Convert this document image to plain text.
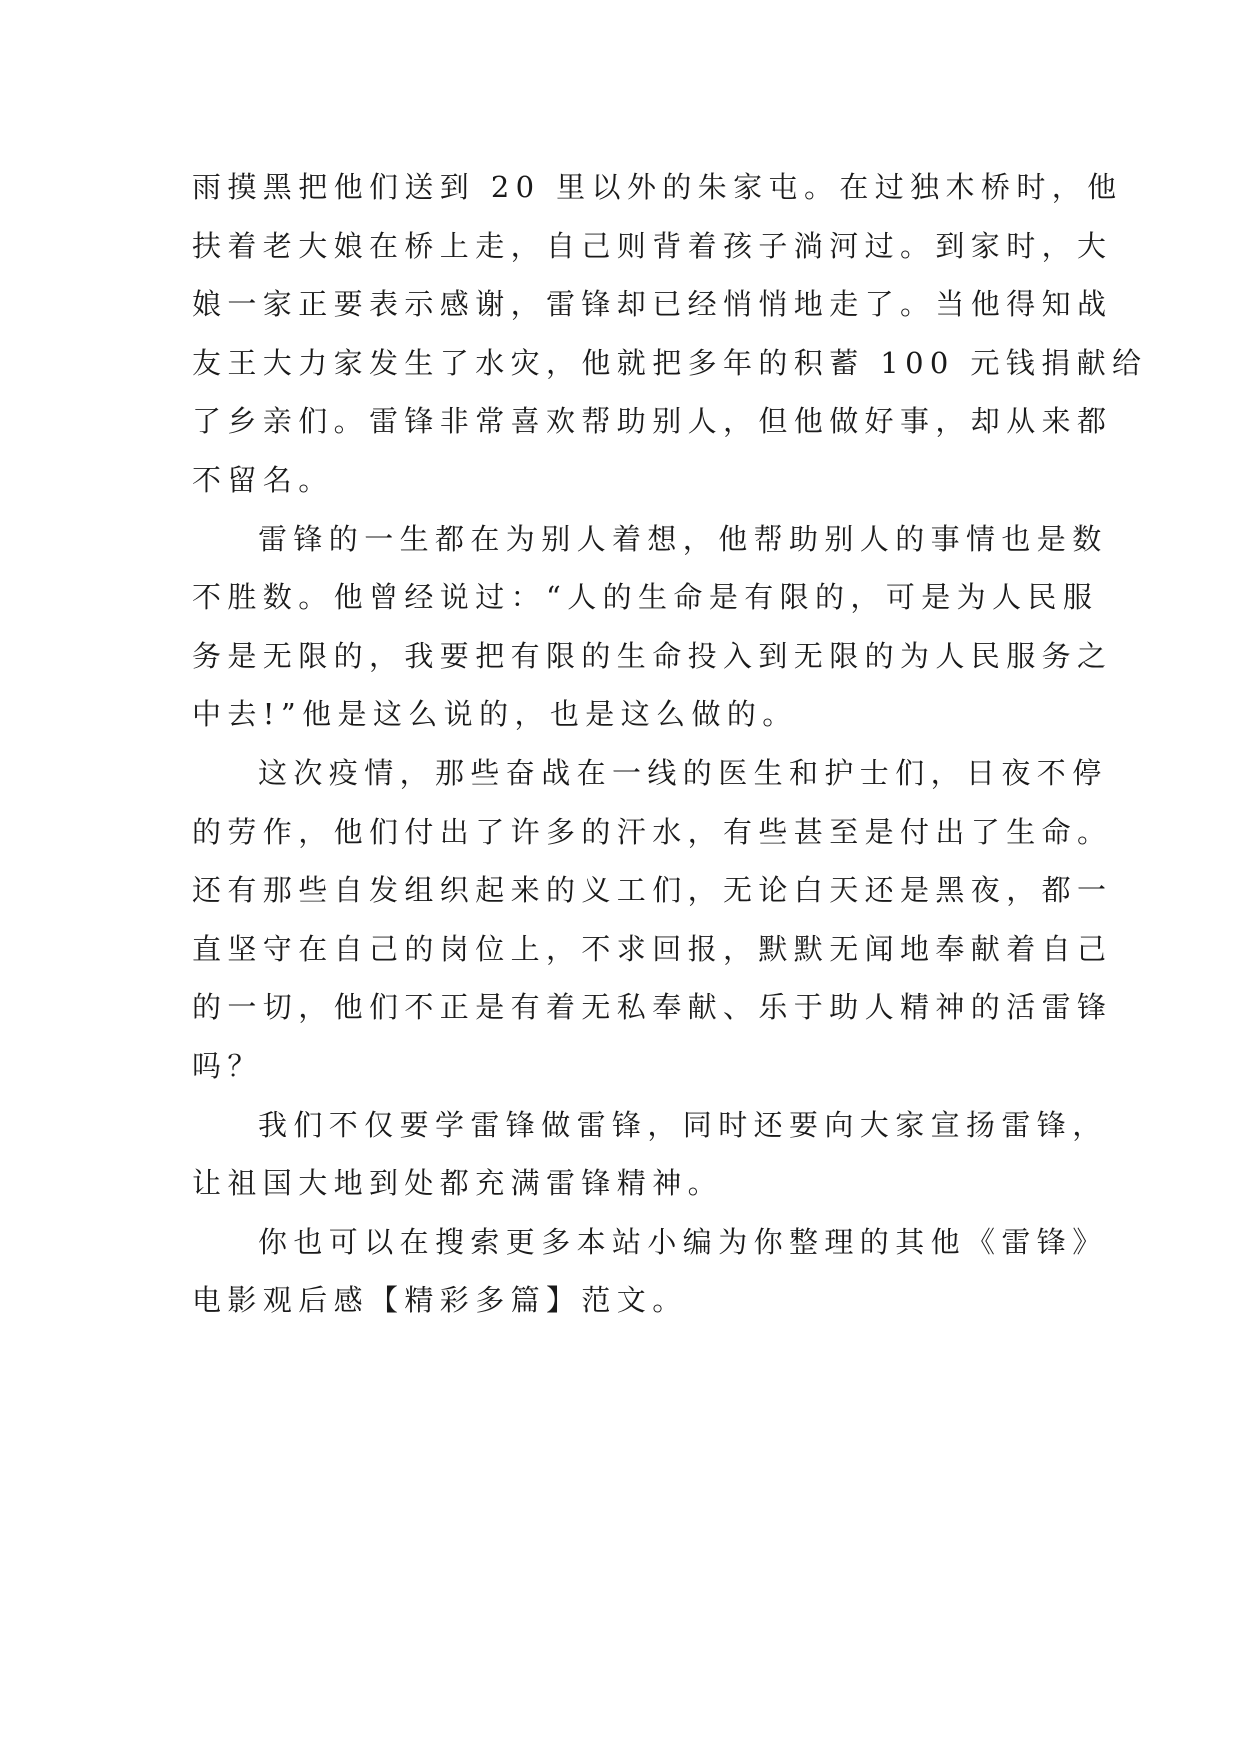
雨摸黑把他们送到 20 里以外的朱家屯。在过独木桥时，他
扶着老大娘在桥上走，自己则背着孩子淌河过。到家时，大
娘一家正要表示感谢，雷锋却已经悄悄地走了。当他得知战
友王大力家发生了水灾，他就把多年的积蓄 100 元钱捐献给
了乡亲们。雷锋非常喜欢帮助别人，但他做好事，却从来都
不留名。
雷锋的一生都在为别人着想，他帮助别人的事情也是数
不胜数。他曾经说过：“人的生命是有限的，可是为人民服
务是无限的，我要把有限的生命投入到无限的为人民服务之
中去!”他是这么说的，也是这么做的。
这次疫情，那些奋战在一线的医生和护士们，日夜不停
的劳作，他们付出了许多的汗水，有些甚至是付出了生命。
还有那些自发组织起来的义工们，无论白天还是黑夜，都一
直坚守在自己的岗位上，不求回报，默默无闻地奉献着自己
的一切，他们不正是有着无私奉献、乐于助人精神的活雷锋
吗？
我们不仅要学雷锋做雷锋，同时还要向大家宣扬雷锋，
让祖国大地到处都充满雷锋精神。
你也可以在搜索更多本站小编为你整理的其他《雷锋》
电影观后感【精彩多篇】范文。
